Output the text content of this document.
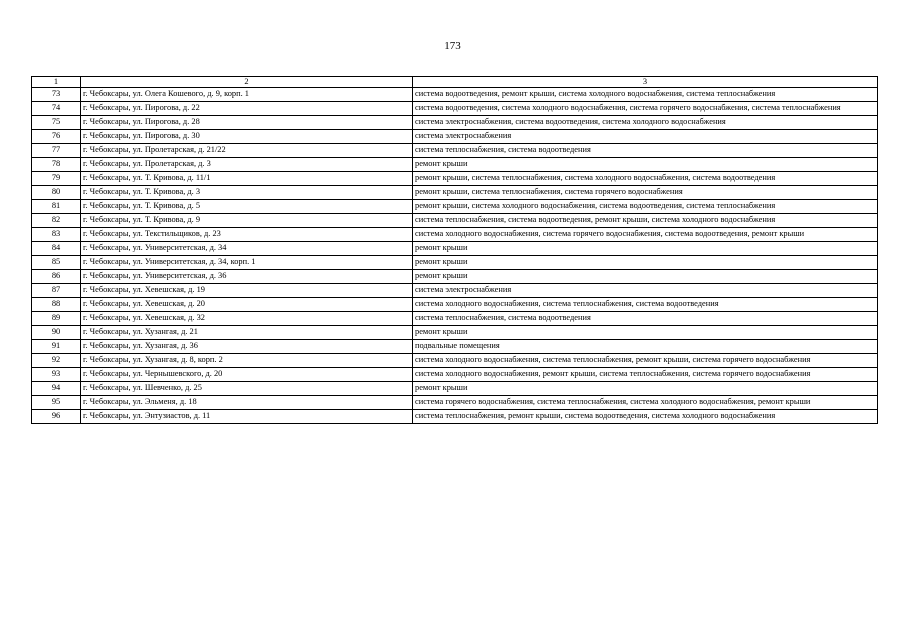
173
1	2	3
73	г. Чебоксары, ул. Олега Кошевого, д. 9, корп. 1	система водоотведения, ремонт крыши, система холодного водоснабжения, система теплоснабжения
74	г. Чебоксары, ул. Пирогова, д. 22	система водоотведения, система холодного водоснабжения, система горячего водоснабжения, система теплоснабжения
75	г. Чебоксары, ул. Пирогова, д. 28	система электроснабжения, система водоотведения, система холодного водоснабжения
76	г. Чебоксары, ул. Пирогова, д. 30	система электроснабжения
77	г. Чебоксары, ул. Пролетарская, д. 21/22	система теплоснабжения, система водоотведения
78	г. Чебоксары, ул. Пролетарская, д. 3	ремонт крыши
79	г. Чебоксары, ул. Т. Кривова, д. 11/1	ремонт крыши, система теплоснабжения, система холодного водоснабжения, система водоотведения
80	г. Чебоксары, ул. Т. Кривова, д. 3	ремонт крыши, система теплоснабжения, система горячего водоснабжения
81	г. Чебоксары, ул. Т. Кривова, д. 5	ремонт крыши, система холодного водоснабжения, система водоотведения, система теплоснабжения
82	г. Чебоксары, ул. Т. Кривова, д. 9	система теплоснабжения, система водоотведения, ремонт крыши, система холодного водоснабжения
83	г. Чебоксары, ул. Текстильщиков, д. 23	система холодного водоснабжения, система горячего водоснабжения, система водоотведения, ремонт крыши
84	г. Чебоксары, ул. Университетская, д. 34	ремонт крыши
85	г. Чебоксары, ул. Университетская, д. 34, корп. 1	ремонт крыши
86	г. Чебоксары, ул. Университетская, д. 36	ремонт крыши
87	г. Чебоксары, ул. Хевешская, д. 19	система электроснабжения
88	г. Чебоксары, ул. Хевешская, д. 20	система холодного водоснабжения, система теплоснабжения, система водоотведения
89	г. Чебоксары, ул. Хевешская, д. 32	система теплоснабжения, система водоотведения
90	г. Чебоксары, ул. Хузангая, д. 21	ремонт крыши
91	г. Чебоксары, ул. Хузангая, д. 36	подвальные помещения
92	г. Чебоксары, ул. Хузангая, д. 8, корп. 2	система холодного водоснабжения, система теплоснабжения, ремонт крыши, система горячего водоснабжения
93	г. Чебоксары, ул. Чернышевского, д. 20	система холодного водоснабжения, ремонт крыши, система теплоснабжения, система горячего водоснабжения
94	г. Чебоксары, ул. Шевченко, д. 25	ремонт крыши
95	г. Чебоксары, ул. Эльменя, д. 18	система горячего водоснабжения, система теплоснабжения, система холодного водоснабжения, ремонт крыши
96	г. Чебоксары, ул. Энтузиастов, д. 11	система теплоснабжения, ремонт крыши, система водоотведения, система холодного водоснабжения
